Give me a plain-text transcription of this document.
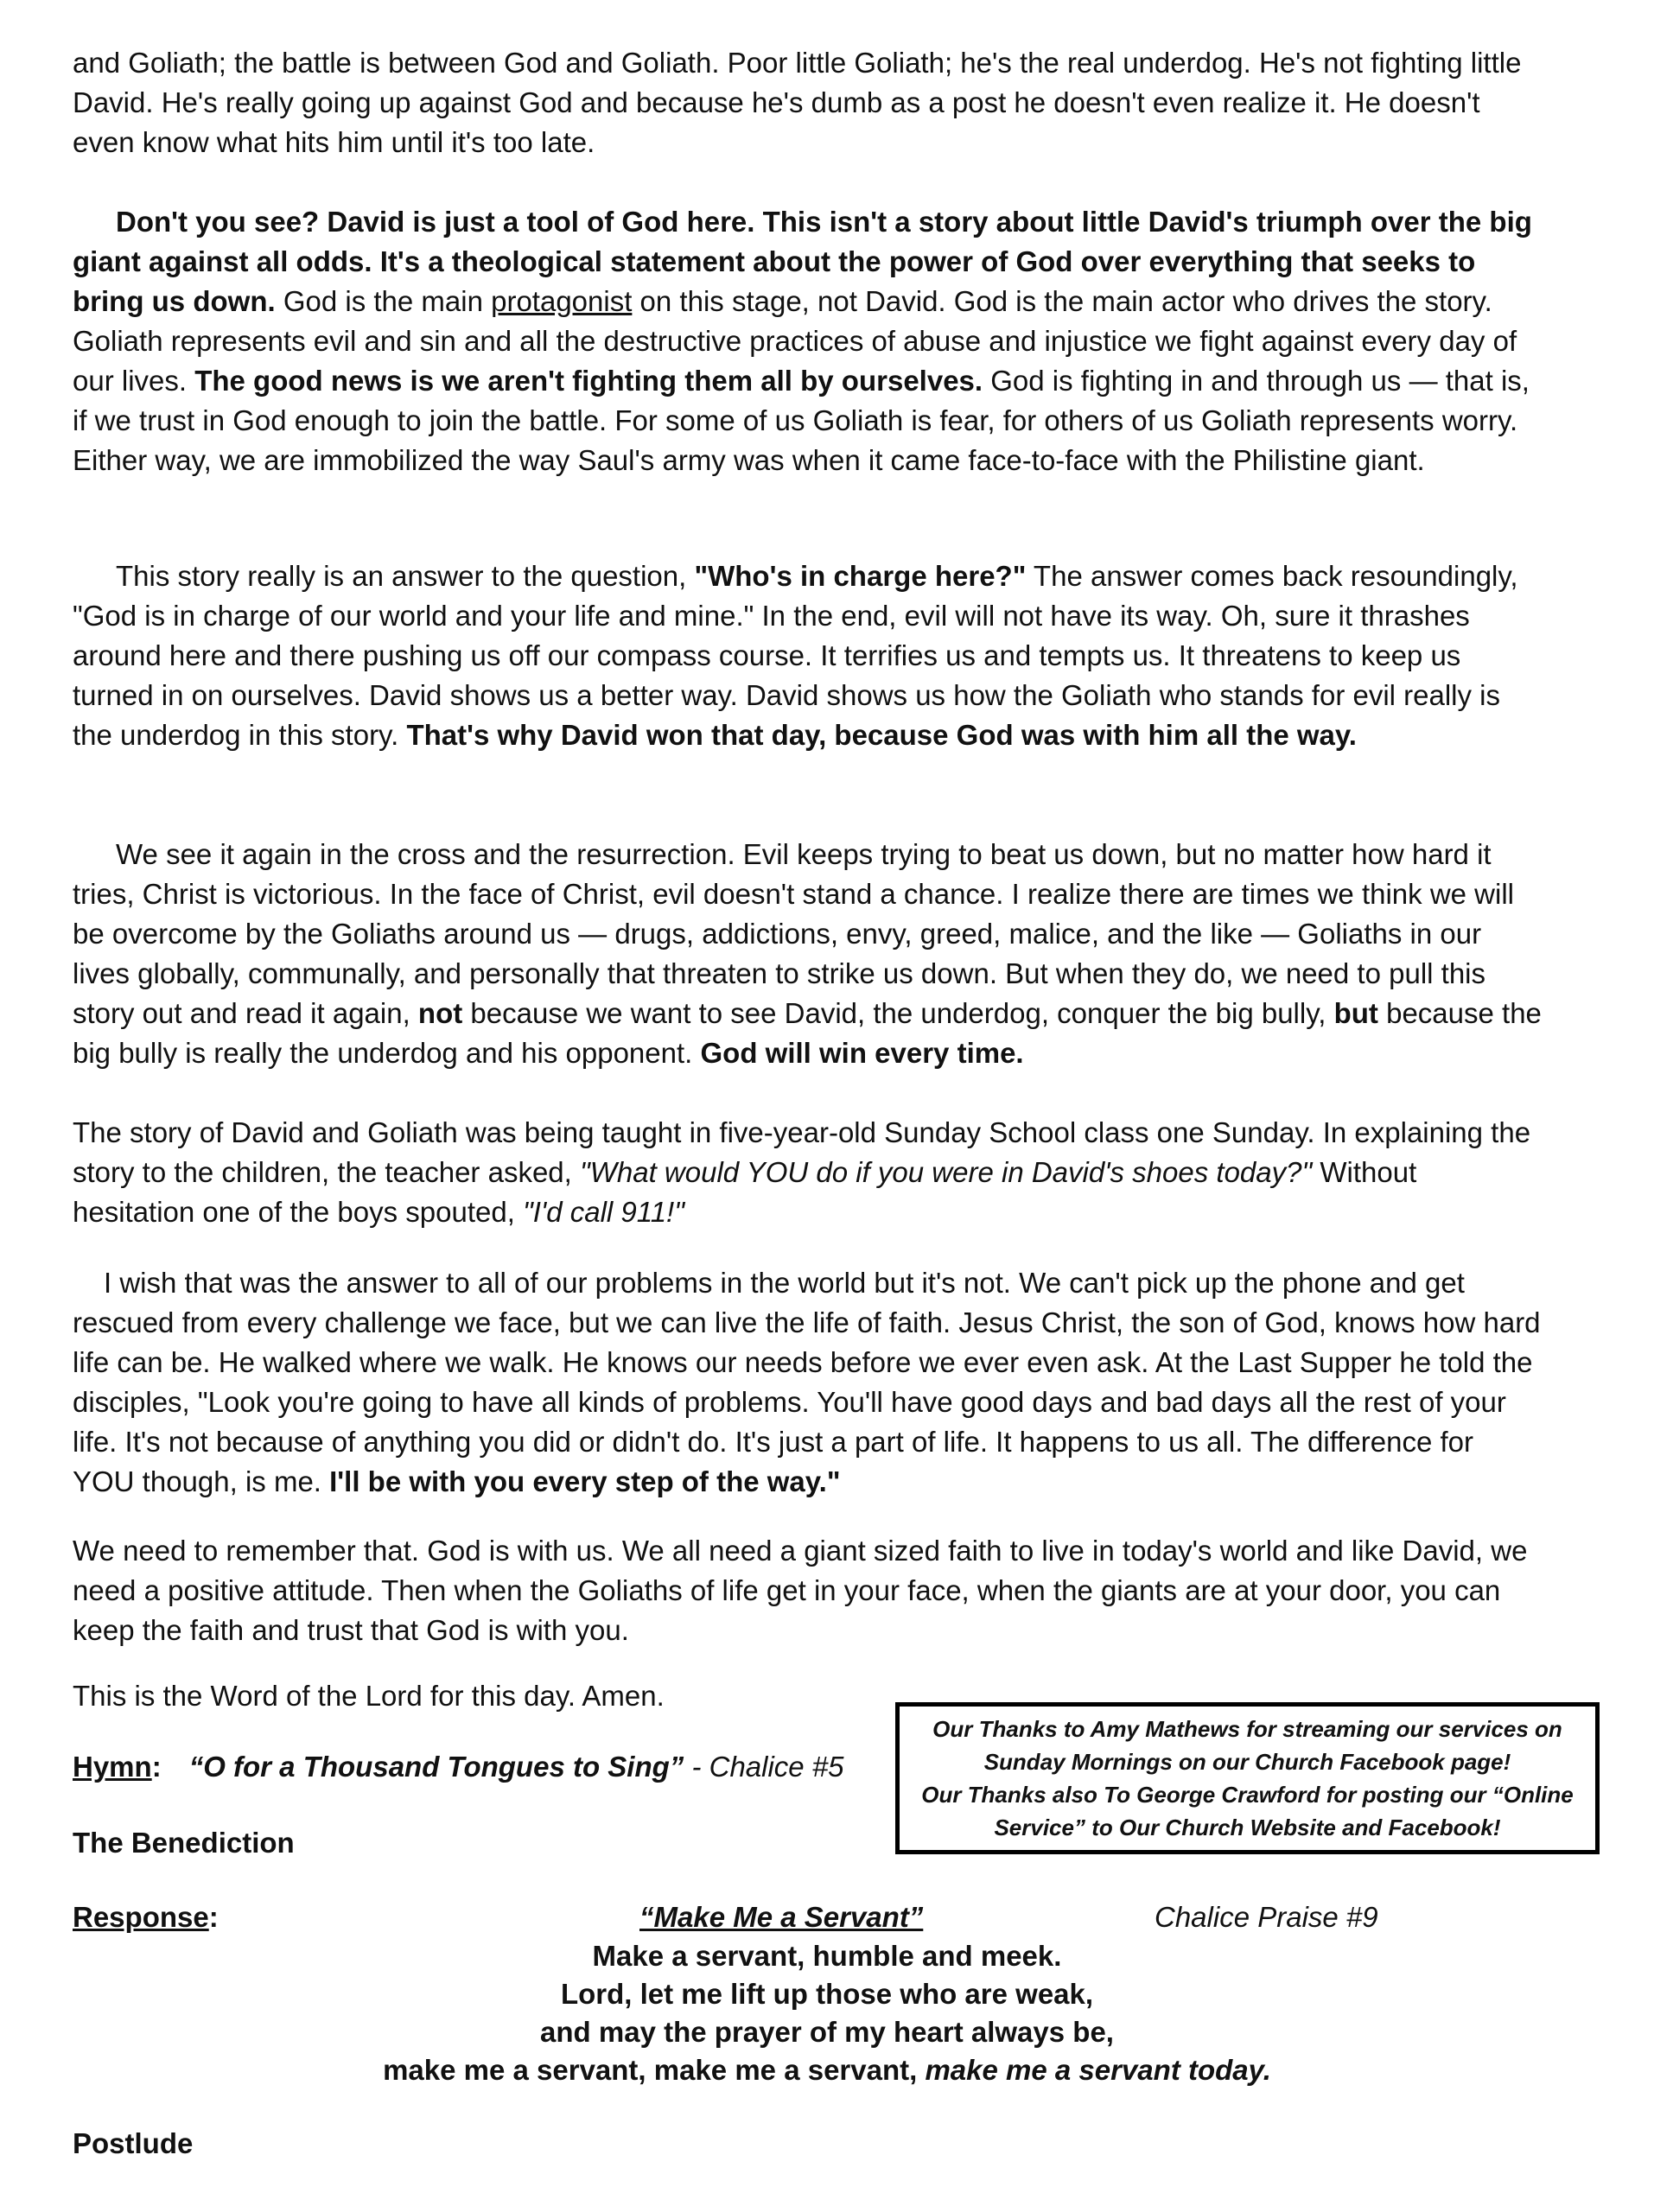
and Goliath; the battle is between God and Goliath. Poor little Goliath; he's the real underdog. He's not fighting little David. He's really going up against God and because he's dumb as a post he doesn't even realize it. He doesn't even know what hits him until it's too late.

Don't you see? David is just a tool of God here. This isn't a story about little David's triumph over the big giant against all odds. It's a theological statement about the power of God over everything that seeks to bring us down. God is the main protagonist on this stage, not David. God is the main actor who drives the story. Goliath represents evil and sin and all the destructive practices of abuse and injustice we fight against every day of our lives. The good news is we aren't fighting them all by ourselves. God is fighting in and through us — that is, if we trust in God enough to join the battle. For some of us Goliath is fear, for others of us Goliath represents worry. Either way, we are immobilized the way Saul's army was when it came face-to-face with the Philistine giant.

This story really is an answer to the question, "Who's in charge here?" The answer comes back resoundingly, "God is in charge of our world and your life and mine." In the end, evil will not have its way. Oh, sure it thrashes around here and there pushing us off our compass course. It terrifies us and tempts us. It threatens to keep us turned in on ourselves. David shows us a better way. David shows us how the Goliath who stands for evil really is the underdog in this story. That's why David won that day, because God was with him all the way.

We see it again in the cross and the resurrection. Evil keeps trying to beat us down, but no matter how hard it tries, Christ is victorious. In the face of Christ, evil doesn't stand a chance. I realize there are times we think we will be overcome by the Goliaths around us — drugs, addictions, envy, greed, malice, and the like — Goliaths in our lives globally, communally, and personally that threaten to strike us down. But when they do, we need to pull this story out and read it again, not because we want to see David, the underdog, conquer the big bully, but because the big bully is really the underdog and his opponent. God will win every time.

The story of David and Goliath was being taught in five-year-old Sunday School class one Sunday. In explaining the story to the children, the teacher asked, "What would YOU do if you were in David's shoes today?" Without hesitation one of the boys spouted, "I'd call 911!"

I wish that was the answer to all of our problems in the world but it's not. We can't pick up the phone and get rescued from every challenge we face, but we can live the life of faith. Jesus Christ, the son of God, knows how hard life can be. He walked where we walk. He knows our needs before we ever even ask. At the Last Supper he told the disciples, "Look you're going to have all kinds of problems. You'll have good days and bad days all the rest of your life. It's not because of anything you did or didn't do. It's just a part of life. It happens to us all. The difference for YOU though, is me. I'll be with you every step of the way."

We need to remember that. God is with us. We all need a giant sized faith to live in today's world and like David, we need a positive attitude. Then when the Goliaths of life get in your face, when the giants are at your door, you can keep the faith and trust that God is with you.

This is the Word of the Lord for this day. Amen.

Hymn: “O for a Thousand Tongues to Sing” - Chalice #5
The Benediction
Our Thanks to Amy Mathews for streaming our services on
Sunday Mornings on our Church Facebook page!
Our Thanks also To George Crawford for posting our “Online
Service” to Our Church Website and Facebook!
Response:	“Make Me a Servant”	Chalice Praise #9
Make a servant, humble and meek.
Lord, let me lift up those who are weak,
and may the prayer of my heart always be,
make me a servant, make me a servant, make me a servant today.
Postlude
